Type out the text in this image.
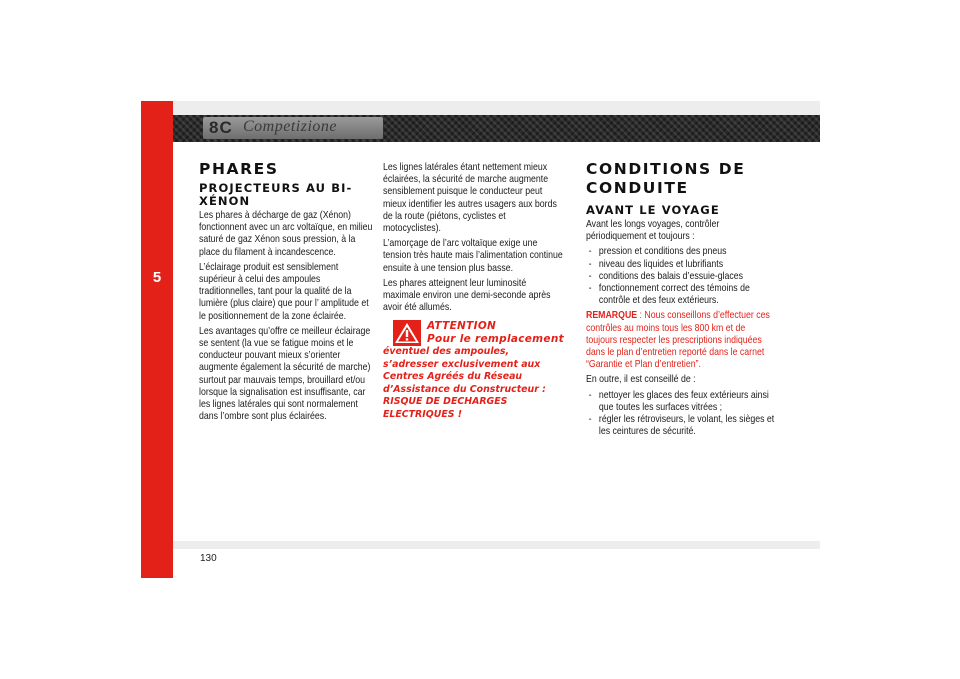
5
8C Competizione
PHARES
PROJECTEURS AU BI-XÉNON

Les phares à décharge de gaz (Xénon) fonctionnent avec un arc voltaïque, en milieu saturé de gaz Xénon sous pression, à la place du filament à incandescence.

L’éclairage produit est sensiblement supérieur à celui des ampoules traditionnelles, tant pour la qualité de la lumière (plus claire) que pour l’ amplitude et le positionnement de la zone éclairée.

Les avantages qu’offre ce meilleur éclairage se sentent (la vue se fatigue moins et le conducteur pouvant mieux s’orienter augmente également la sécurité de marche) surtout par mauvais temps, brouillard et/ou lorsque la signalisation est insuffisante, car les lignes latérales qui sont normalement dans l’ombre sont plus éclairées.

Les lignes latérales étant nettement mieux éclairées, la sécurité de marche augmente sensiblement puisque le conducteur peut mieux identifier les autres usagers aux bords de la route (piétons, cyclistes et motocyclistes).

L’amorçage de l’arc voltaïque exige une tension très haute mais l’alimentation continue ensuite à une tension plus basse.

Les phares atteignent leur luminosité maximale environ une demi-seconde après avoir été allumés.

ATTENTION
Pour le remplacement

éventuel des ampoules, s’adresser exclusivement aux Centres Agréés du Réseau d’Assistance du Constructeur : RISQUE DE DECHARGES ELECTRIQUES !

CONDITIONS DE CONDUITE
AVANT LE VOYAGE

Avant les longs voyages, contrôler périodiquement et toujours :

- pression et conditions des pneus
- niveau des liquides et lubrifiants
- conditions des balais d’essuie-glaces
- fonctionnement correct des témoins de contrôle et des feux extérieurs.

REMARQUE : Nous conseillons d’effectuer ces contrôles au moins tous les 800 km et de toujours respecter les prescriptions indiquées dans le plan d’entretien reporté dans le carnet “Garantie et Plan d’entretien”.

En outre, il est conseillé de :

- nettoyer les glaces des feux extérieurs ainsi que toutes les surfaces vitrées ;
- régler les rétroviseurs, le volant, les sièges et les ceintures de sécurité.
130
